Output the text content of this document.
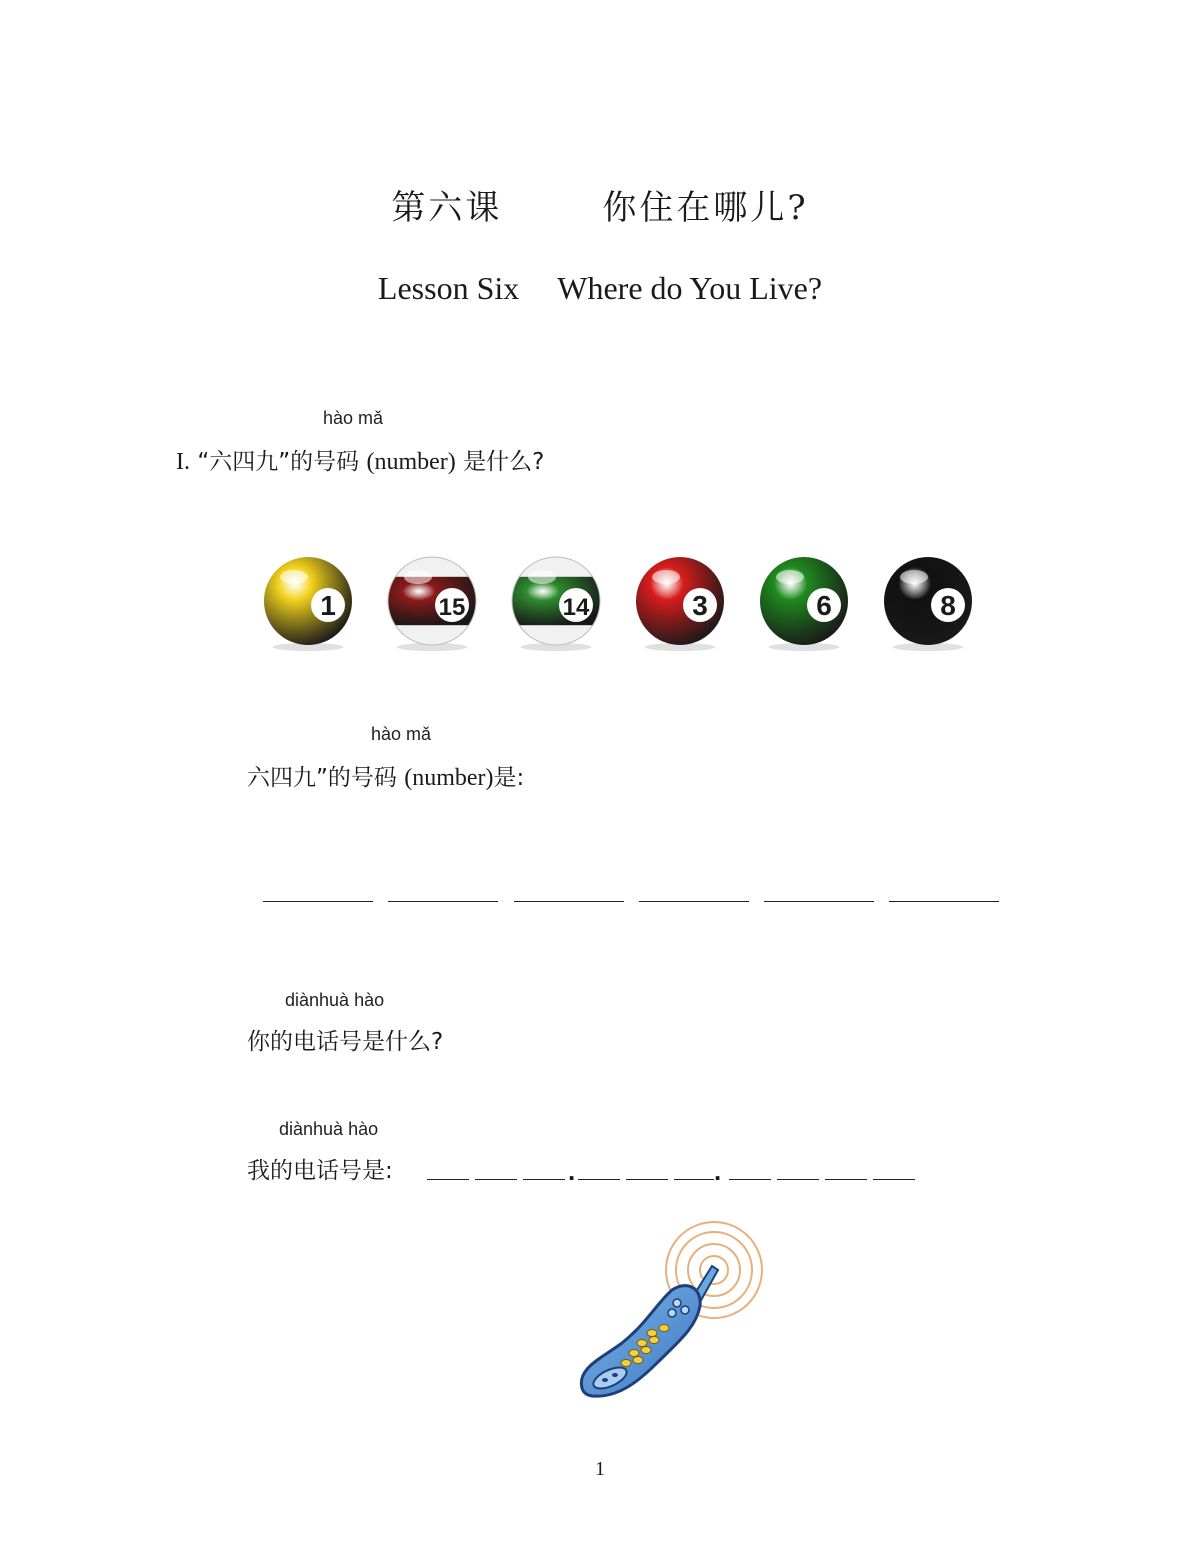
第六课	你住在哪儿?
Lesson Six Where do You Live?
hào mǎ
I. “六四九”的号码 (number) 是什么?
1	15	14	3	6	8
hào mǎ
六四九”的号码 (number)是:
diànhuà hào
你的电话号是什么?
diànhuà hào
我的电话号是:	.	.
1
